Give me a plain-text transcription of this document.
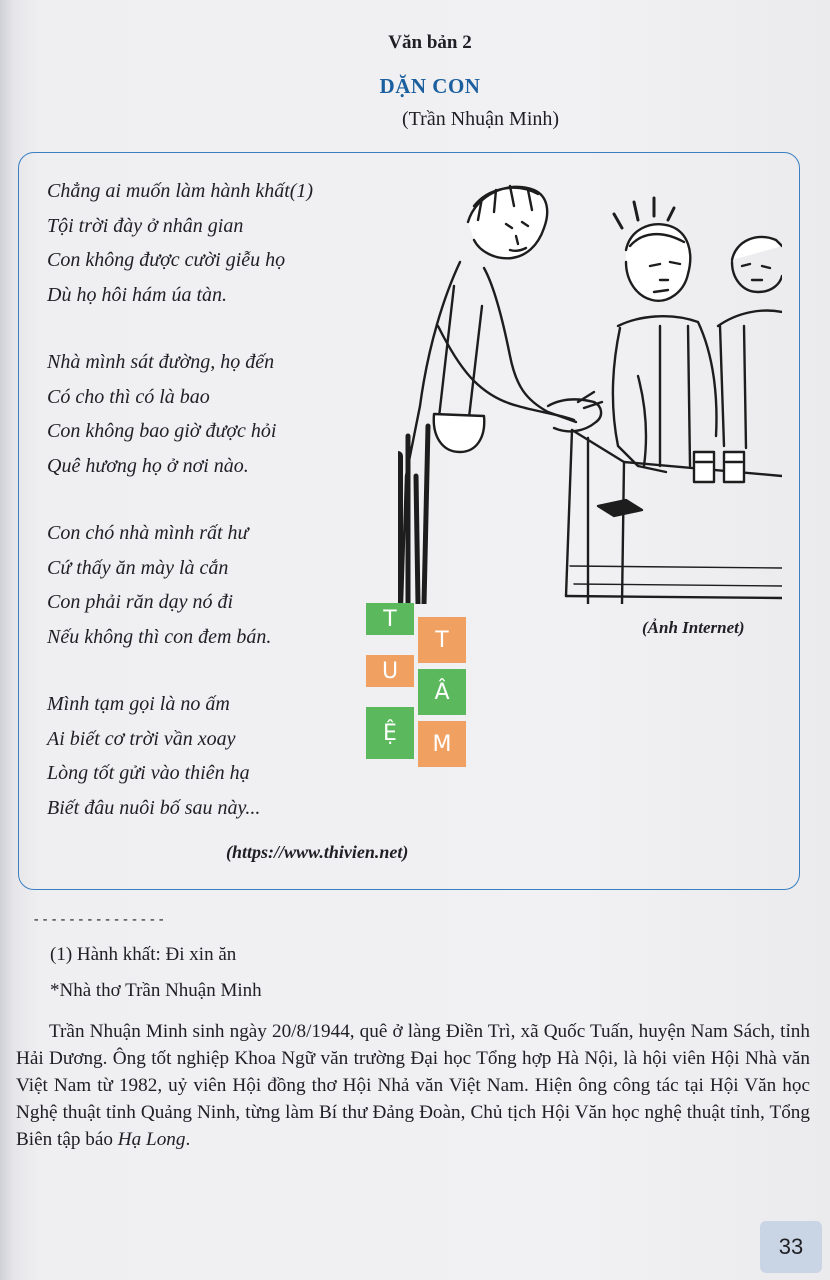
Văn bản 2
DẶN CON
(Trần Nhuận Minh)
Chẳng ai muốn làm hành khất(1)
Tội trời đày ở nhân gian
Con không được cười giễu họ
Dù họ hôi hám úa tàn.
Nhà mình sát đường, họ đến
Có cho thì có là bao
Con không bao giờ được hỏi
Quê hương họ ở nơi nào.
Con chó nhà mình rất hư
Cứ thấy ăn mày là cắn
Con phải răn dạy nó đi
Nếu không thì con đem bán.
Mình tạm gọi là no ấm
Ai biết cơ trời vần xoay
Lòng tốt gửi vào thiên hạ
Biết đâu nuôi bố sau này...
(https://www.thivien.net)
(Ảnh Internet)
T
U
Ệ
T
Â
M
---------------
(1) Hành khất: Đi xin ăn
*Nhà thơ Trần Nhuận Minh

Trần Nhuận Minh sinh ngày 20/8/1944, quê ở làng Điền Trì, xã Quốc Tuấn, huyện Nam Sách, tỉnh Hải Dương. Ông tốt nghiệp Khoa Ngữ văn trường Đại học Tổng hợp Hà Nội, là hội viên Hội Nhà văn Việt Nam từ 1982, uỷ viên Hội đồng thơ Hội Nhả văn Việt Nam. Hiện ông công tác tại Hội Văn học Nghệ thuật tỉnh Quảng Ninh, từng làm Bí thư Đảng Đoàn, Chủ tịch Hội Văn học nghệ thuật tỉnh, Tổng Biên tập báo Hạ Long.

33
